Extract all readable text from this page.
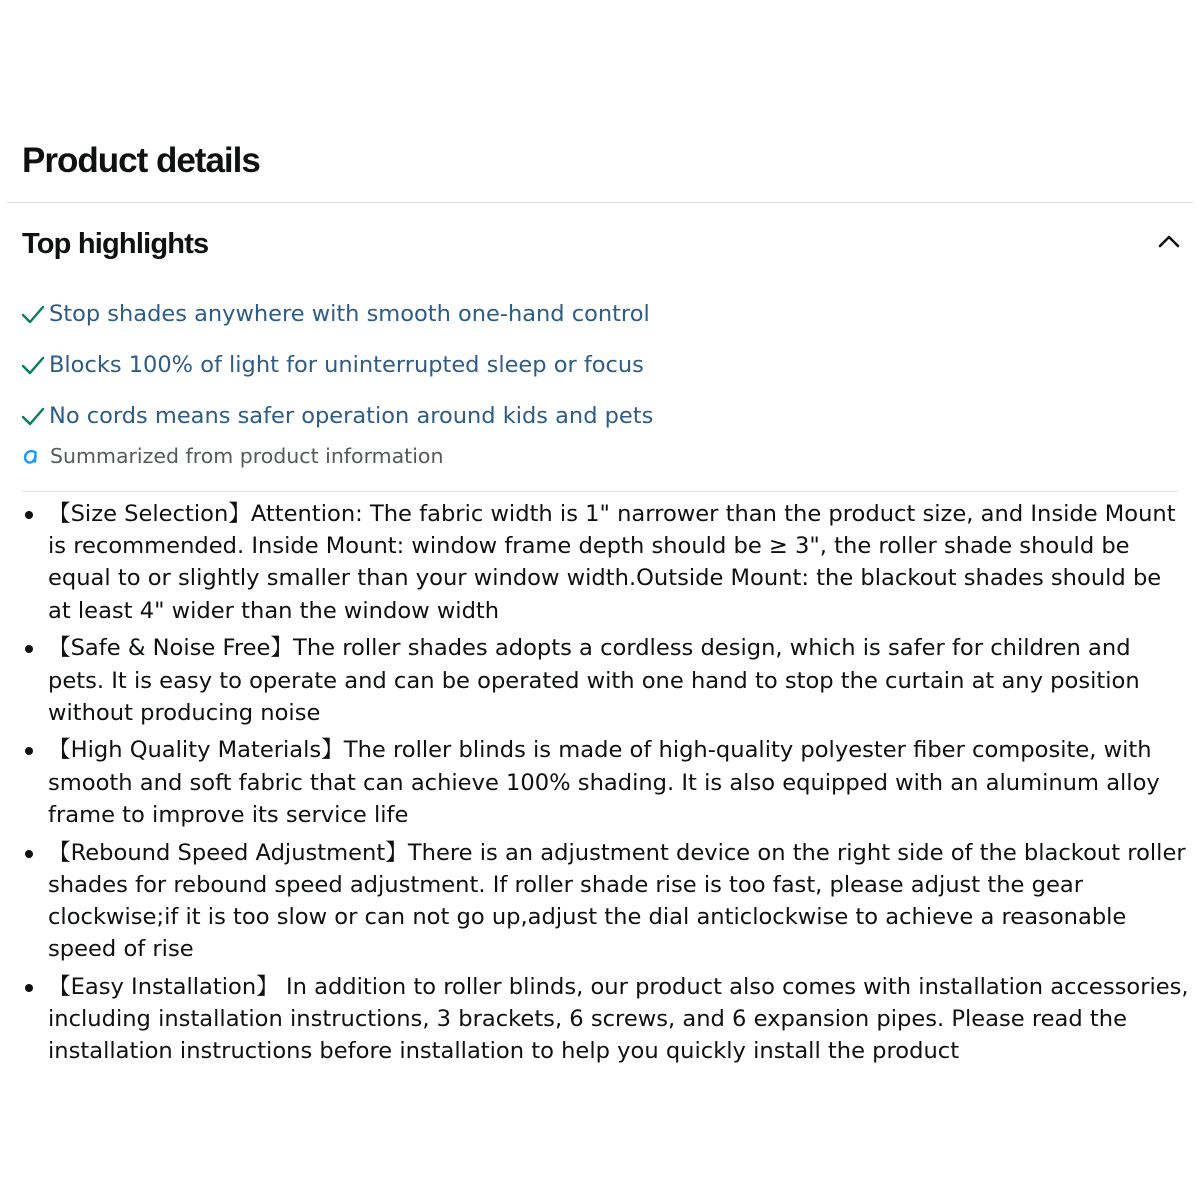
Product details
Top highlights
Stop shades anywhere with smooth one-hand control
Blocks 100% of light for uninterrupted sleep or focus
No cords means safer operation around kids and pets
Summarized from product information
【Size Selection】Attention: The fabric width is 1" narrower than the product size, and Inside Mount is recommended. Inside Mount: window frame depth should be ≥ 3", the roller shade should be equal to or slightly smaller than your window width.Outside Mount: the blackout shades should be at least 4" wider than the window width
【Safe & Noise Free】The roller shades adopts a cordless design, which is safer for children and pets. It is easy to operate and can be operated with one hand to stop the curtain at any position without producing noise
【High Quality Materials】The roller blinds is made of high-quality polyester fiber composite, with smooth and soft fabric that can achieve 100% shading. It is also equipped with an aluminum alloy frame to improve its service life
【Rebound Speed Adjustment】There is an adjustment device on the right side of the blackout roller shades for rebound speed adjustment. If roller shade rise is too fast, please adjust the gear clockwise;if it is too slow or can not go up,adjust the dial anticlockwise to achieve a reasonable speed of rise
【Easy Installation】 In addition to roller blinds, our product also comes with installation accessories, including installation instructions, 3 brackets, 6 screws, and 6 expansion pipes. Please read the installation instructions before installation to help you quickly install the product
